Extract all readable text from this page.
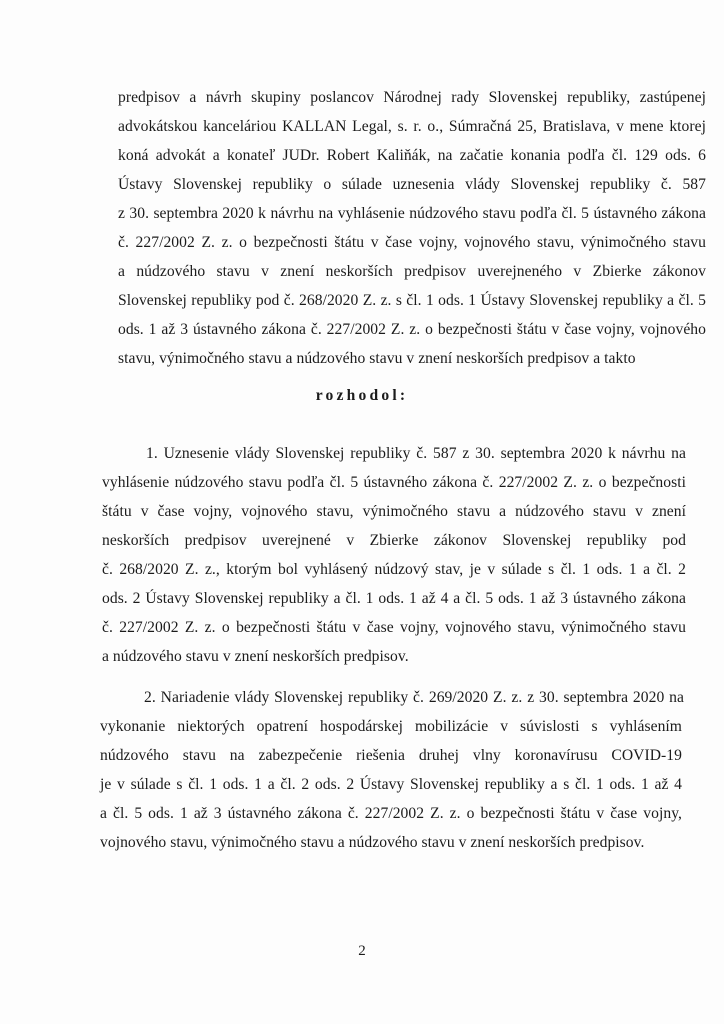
predpisov a návrh skupiny poslancov Národnej rady Slovenskej republiky, zastúpenej
advokátskou kanceláriou KALLAN Legal, s. r. o., Súmračná 25, Bratislava, v mene ktorej
koná advokát a konateľ JUDr. Robert Kaliňák, na začatie konania podľa čl. 129 ods. 6
Ústavy Slovenskej republiky o súlade uznesenia vlády Slovenskej republiky č. 587
z 30. septembra 2020 k návrhu na vyhlásenie núdzového stavu podľa čl. 5 ústavného zákona
č. 227/2002 Z. z. o bezpečnosti štátu v čase vojny, vojnového stavu, výnimočného stavu
a núdzového stavu v znení neskorších predpisov uverejneného v Zbierke zákonov
Slovenskej republiky pod č. 268/2020 Z. z. s čl. 1 ods. 1 Ústavy Slovenskej republiky a čl. 5
ods. 1 až 3 ústavného zákona č. 227/2002 Z. z. o bezpečnosti štátu v čase vojny, vojnového
stavu, výnimočného stavu a núdzového stavu v znení neskorších predpisov a takto
rozhodol:
1. Uznesenie vlády Slovenskej republiky č. 587 z 30. septembra 2020 k návrhu na
vyhlásenie núdzového stavu podľa čl. 5 ústavného zákona č. 227/2002 Z. z. o bezpečnosti
štátu v čase vojny, vojnového stavu, výnimočného stavu a núdzového stavu v znení
neskorších predpisov uverejnené v Zbierke zákonov Slovenskej republiky pod
č. 268/2020 Z. z., ktorým bol vyhlásený núdzový stav, je v súlade s čl. 1 ods. 1 a čl. 2
ods. 2 Ústavy Slovenskej republiky a čl. 1 ods. 1 až 4 a čl. 5 ods. 1 až 3 ústavného zákona
č. 227/2002 Z. z. o bezpečnosti štátu v čase vojny, vojnového stavu, výnimočného stavu
a núdzového stavu v znení neskorších predpisov.
2. Nariadenie vlády Slovenskej republiky č. 269/2020 Z. z. z 30. septembra 2020 na
vykonanie niektorých opatrení hospodárskej mobilizácie v súvislosti s vyhlásením
núdzového stavu na zabezpečenie riešenia druhej vlny koronavírusu COVID-19
je v súlade s čl. 1 ods. 1 a čl. 2 ods. 2 Ústavy Slovenskej republiky a s čl. 1 ods. 1 až 4
a čl. 5 ods. 1 až 3 ústavného zákona č. 227/2002 Z. z. o bezpečnosti štátu v čase vojny,
vojnového stavu, výnimočného stavu a núdzového stavu v znení neskorších predpisov.
2
